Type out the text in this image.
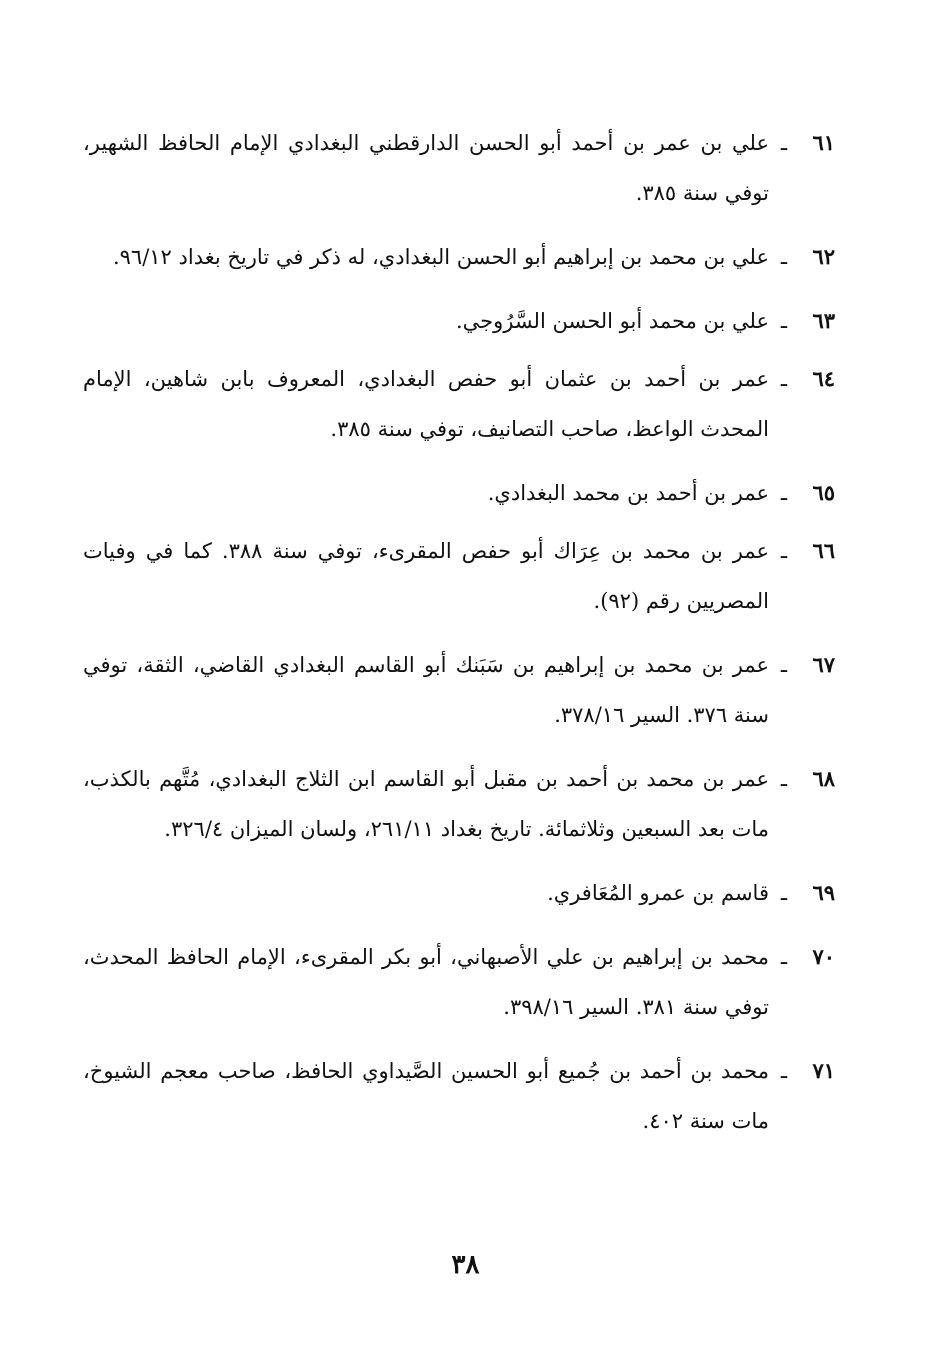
٦١
ـ
علي بن عمر بن أحمد أبو الحسن الدارقطني البغدادي الإمام الحافظ الشهير، توفي سنة ٣٨٥.
٦٢
ـ
علي بن محمد بن إبراهيم أبو الحسن البغدادي، له ذكر في تاريخ بغداد ٩٦/١٢.
٦٣
ـ
علي بن محمد أبو الحسن السَّرُوجي.
٦٤
ـ
عمر بن أحمد بن عثمان أبو حفص البغدادي، المعروف بابن شاهين، الإمام المحدث الواعظ، صاحب التصانيف، توفي سنة ٣٨٥.
٦٥
ـ
عمر بن أحمد بن محمد البغدادي.
٦٦
ـ
عمر بن محمد بن عِرَاك أبو حفص المقرىء، توفي سنة ٣٨٨. كما في وفيات المصريين رقم (٩٢).
٦٧
ـ
عمر بن محمد بن إبراهيم بن سَبَنك أبو القاسم البغدادي القاضي، الثقة، توفي سنة ٣٧٦. السير ٣٧٨/١٦.
٦٨
ـ
عمر بن محمد بن أحمد بن مقبل أبو القاسم ابن الثلاج البغدادي، مُتَّهم بالكذب، مات بعد السبعين وثلاثمائة. تاريخ بغداد ٢٦١/١١، ولسان الميزان ٣٢٦/٤.
٦٩
ـ
قاسم بن عمرو المُعَافري.
٧٠
ـ
محمد بن إبراهيم بن علي الأصبهاني، أبو بكر المقرىء، الإمام الحافظ المحدث، توفي سنة ٣٨١. السير ٣٩٨/١٦.
٧١
ـ
محمد بن أحمد بن جُميع أبو الحسين الصَّيداوي الحافظ، صاحب معجم الشيوخ، مات سنة ٤٠٢.
٣٨
